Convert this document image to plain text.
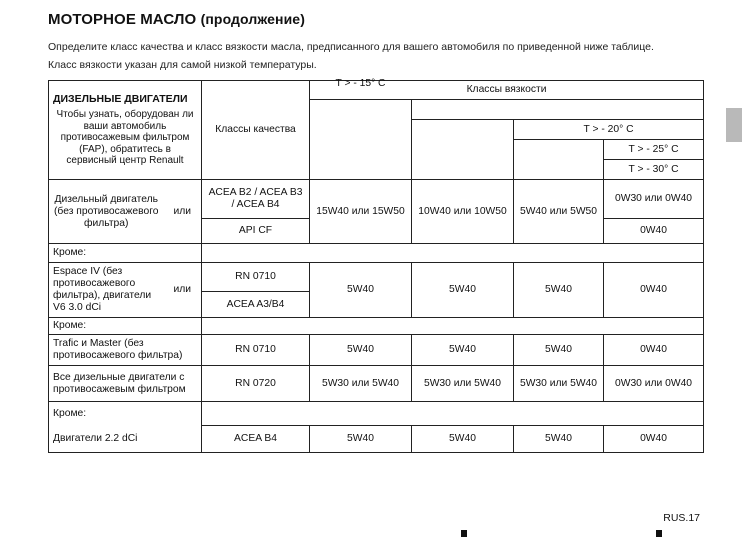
МОТОРНОЕ МАСЛО (продолжение)
Определите класс качества и класс вязкости масла, предписанного для вашего автомобиля по приведенной ниже таблице.
Класс вязкости указан для самой низкой температуры.
ДИЗЕЛЬНЫЕ ДВИГАТЕЛИ
Чтобы узнать, оборудован ли ваши автомобиль противосажевым фильтром (FAP), обратитесь в сервисный центр Renault		Классы качества	Классы вязкости			

			T > - 15° C			

					T > - 20° C	
						T > - 25° C
						T > - 30° C
Дизельный двигатель (без противосажевого фильтра)	или	ACEA B2 / ACEA B3 / ACEA B4	15W40 или 15W50	10W40 или 10W50	5W40 или 5W50	0W30 или 0W40
		API CF				0W40
Кроме:						
Espace IV (без противосажевого фильтра), двигатели V6 3.0 dCi	или	RN 0710	5W40	5W40	5W40	0W40
		ACEA A3/B4				
Кроме:						
Trafic и Master (без противосажевого фильтра)		RN 0710	5W40	5W40	5W40	0W40
Все дизельные двигатели с противосажевым фильтром		RN 0720	5W30 или 5W40	5W30 или 5W40	5W30 или 5W40	0W30 или 0W40
Кроме:						
Двигатели 2.2 dCi		ACEA B4	5W40	5W40	5W40	0W40
RUS.17
